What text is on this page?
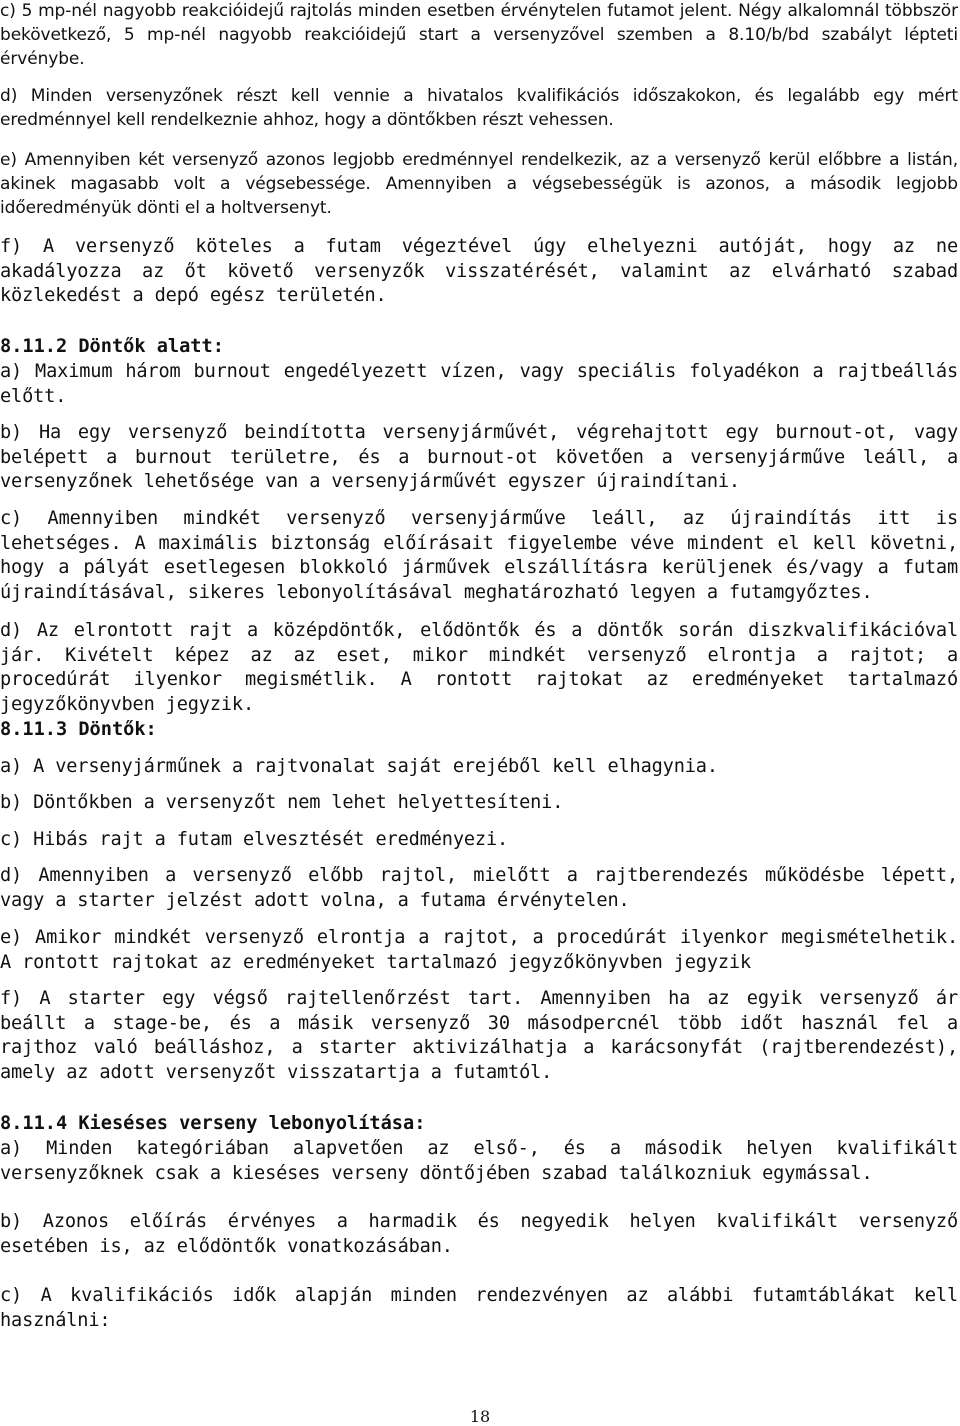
c) 5 mp-nél nagyobb reakcióidejű rajtolás minden esetben érvénytelen futamot jelent. Négy alkalomnál többször bekövetkező, 5 mp-nél nagyobb reakcióidejű start a versenyzővel szemben a 8.10/b/bd szabályt lépteti érvénybe.

d) Minden versenyzőnek részt kell vennie a hivatalos kvalifikációs időszakokon, és legalább egy mért eredménnyel kell rendelkeznie ahhoz, hogy a döntőkben részt vehessen.

e) Amennyiben két versenyző azonos legjobb eredménnyel rendelkezik, az a versenyző kerül előbbre a listán, akinek magasabb volt a végsebessége. Amennyiben a végsebességük is azonos, a második legjobb időeredményük dönti el a holtversenyt.

f) A versenyző köteles a futam végeztével úgy elhelyezni autóját, hogy az ne akadályozza az őt követő versenyzők visszatérését, valamint az elvárható szabad közlekedést a depó egész területén.

8.11.2 Döntők alatt:

a) Maximum három burnout engedélyezett vízen, vagy speciális folyadékon a rajtbeállás előtt.

b) Ha egy versenyző beindította versenyjárművét, végrehajtott egy burnout-ot, vagy belépett a burnout területre, és a burnout-ot követően a versenyjárműve leáll, a versenyzőnek lehetősége van a versenyjárművét egyszer újraindítani.

c) Amennyiben mindkét versenyző versenyjárműve leáll, az újraindítás itt is lehetséges. A maximális biztonság előírásait figyelembe véve mindent el kell követni, hogy a pályát esetlegesen blokkoló járművek elszállításra kerüljenek és/vagy a futam újraindításával, sikeres lebonyolításával meghatározható legyen a futamgyőztes.

d) Az elrontott rajt a középdöntők, elődöntők és a döntők során diszkvalifikációval jár. Kivételt képez az az eset, mikor mindkét versenyző elrontja a rajtot; a procedúrát ilyenkor megismétlik. A rontott rajtokat az eredményeket tartalmazó jegyzőkönyvben jegyzik.

8.11.3 Döntők:

a) A versenyjárműnek a rajtvonalat saját erejéből kell elhagynia.

b) Döntőkben a versenyzőt nem lehet helyettesíteni.

c) Hibás rajt a futam elvesztését eredményezi.

d) Amennyiben a versenyző előbb rajtol, mielőtt a rajtberendezés működésbe lépett, vagy a starter jelzést adott volna, a futama érvénytelen.

e) Amikor mindkét versenyző elrontja a rajtot, a procedúrát ilyenkor megismételhetik. A rontott rajtokat az eredményeket tartalmazó jegyzőkönyvben jegyzik

f) A starter egy végső rajtellenőrzést tart. Amennyiben ha az egyik versenyző ár beállt a stage-be, és a másik versenyző 30 másodpercnél több időt használ fel a rajthoz való beálláshoz, a starter aktivizálhatja a karácsonyfát (rajtberendezést), amely az adott versenyzőt visszatartja a futamtól.

8.11.4 Kieséses verseny lebonyolítása:

a) Minden kategóriában alapvetően az első-, és a második helyen kvalifikált versenyzőknek csak a kieséses verseny döntőjében szabad találkozniuk egymással.

b) Azonos előírás érvényes a harmadik és negyedik helyen kvalifikált versenyző esetében is, az elődöntők vonatkozásában.

c) A kvalifikációs idők alapján minden rendezvényen az alábbi futamtáblákat kell használni:

18
